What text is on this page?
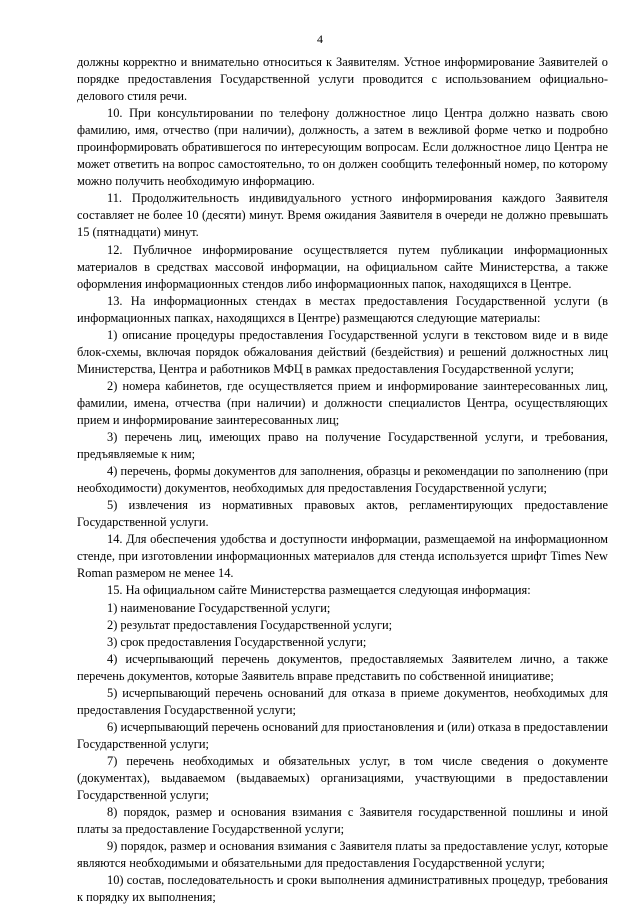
4

должны корректно и внимательно относиться к Заявителям. Устное информирование Заявителей о порядке предоставления Государственной услуги проводится с использованием официально-делового стиля речи.

10. При консультировании по телефону должностное лицо Центра должно назвать свою фамилию, имя, отчество (при наличии), должность, а затем в вежливой форме четко и подробно проинформировать обратившегося по интересующим вопросам. Если должностное лицо Центра не может ответить на вопрос самостоятельно, то он должен сообщить телефонный номер, по которому можно получить необходимую информацию.

11. Продолжительность индивидуального устного информирования каждого Заявителя составляет не более 10 (десяти) минут. Время ожидания Заявителя в очереди не должно превышать 15 (пятнадцати) минут.

12. Публичное информирование осуществляется путем публикации информационных материалов в средствах массовой информации, на официальном сайте Министерства, а также оформления информационных стендов либо информационных папок, находящихся в Центре.

13. На информационных стендах в местах предоставления Государственной услуги (в информационных папках, находящихся в Центре) размещаются следующие материалы:

1) описание процедуры предоставления Государственной услуги в текстовом виде и в виде блок-схемы, включая порядок обжалования действий (бездействия) и решений должностных лиц Министерства, Центра и работников МФЦ в рамках предоставления Государственной услуги;

2) номера кабинетов, где осуществляется прием и информирование заинтересованных лиц, фамилии, имена, отчества (при наличии) и должности специалистов Центра, осуществляющих прием и информирование заинтересованных лиц;

3) перечень лиц, имеющих право на получение Государственной услуги, и требования, предъявляемые к ним;

4) перечень, формы документов для заполнения, образцы и рекомендации по заполнению (при необходимости) документов, необходимых для предоставления Государственной услуги;

5) извлечения из нормативных правовых актов, регламентирующих предоставление Государственной услуги.

14. Для обеспечения удобства и доступности информации, размещаемой на информационном стенде, при изготовлении информационных материалов для стенда используется шрифт Times New Roman размером не менее 14.

15. На официальном сайте Министерства размещается следующая информация:

1) наименование Государственной услуги;

2) результат предоставления Государственной услуги;

3) срок предоставления Государственной услуги;

4) исчерпывающий перечень документов, предоставляемых Заявителем лично, а также перечень документов, которые Заявитель вправе представить по собственной инициативе;

5) исчерпывающий перечень оснований для отказа в приеме документов, необходимых для предоставления Государственной услуги;

6) исчерпывающий перечень оснований для приостановления и (или) отказа в предоставлении Государственной услуги;

7) перечень необходимых и обязательных услуг, в том числе сведения о документе (документах), выдаваемом (выдаваемых) организациями, участвующими в предоставлении Государственной услуги;

8) порядок, размер и основания взимания с Заявителя государственной пошлины и иной платы за предоставление Государственной услуги;

9) порядок, размер и основания взимания с Заявителя платы за предоставление услуг, которые являются необходимыми и обязательными для предоставления Государственной услуги;

10) состав, последовательность и сроки выполнения административных процедур, требования к порядку их выполнения;
